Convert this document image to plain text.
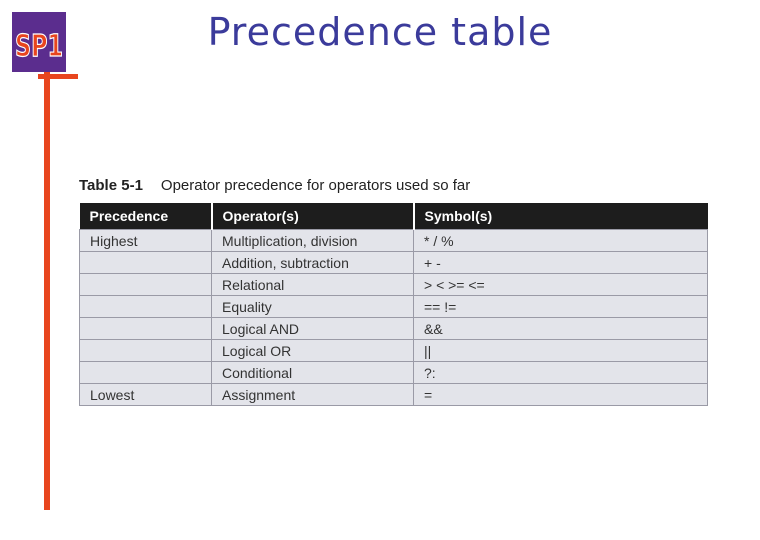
SP1	Precedence table
Table 5-1 Operator precedence for operators used so far
Precedence	Operator(s)	Symbol(s)
Highest	Multiplication, division	* / %
	Addition, subtraction	+ -
	Relational	> < >= <=
	Equality	== !=
	Logical AND	&&
	Logical OR	||
	Conditional	?:
Lowest	Assignment	=
